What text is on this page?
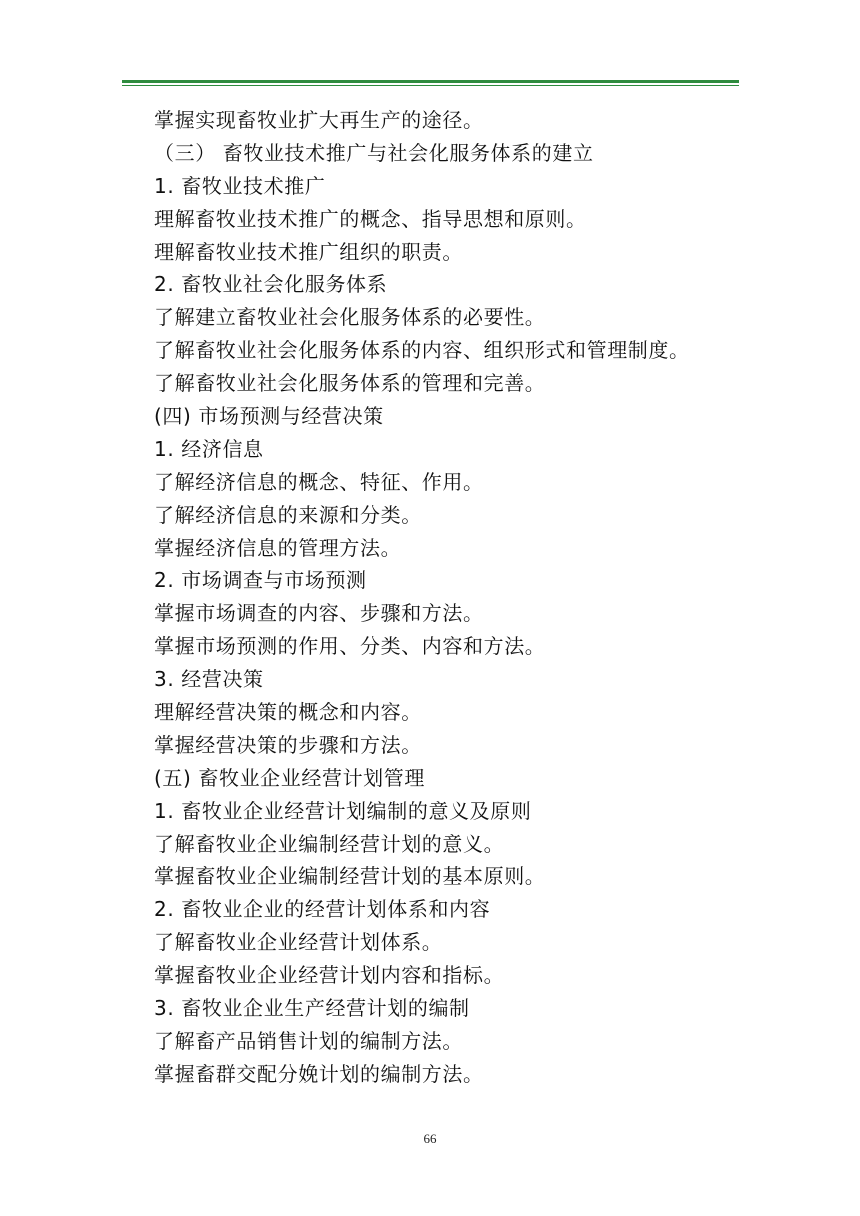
掌握实现畜牧业扩大再生产的途径。
（三） 畜牧业技术推广与社会化服务体系的建立
1. 畜牧业技术推广
理解畜牧业技术推广的概念、指导思想和原则。
理解畜牧业技术推广组织的职责。
2. 畜牧业社会化服务体系
了解建立畜牧业社会化服务体系的必要性。
了解畜牧业社会化服务体系的内容、组织形式和管理制度。
了解畜牧业社会化服务体系的管理和完善。
(四) 市场预测与经营决策
1. 经济信息
了解经济信息的概念、特征、作用。
了解经济信息的来源和分类。
掌握经济信息的管理方法。
2. 市场调查与市场预测
掌握市场调查的内容、步骤和方法。
掌握市场预测的作用、分类、内容和方法。
3. 经营决策
理解经营决策的概念和内容。
掌握经营决策的步骤和方法。
(五) 畜牧业企业经营计划管理
1. 畜牧业企业经营计划编制的意义及原则
了解畜牧业企业编制经营计划的意义。
掌握畜牧业企业编制经营计划的基本原则。
2. 畜牧业企业的经营计划体系和内容
了解畜牧业企业经营计划体系。
掌握畜牧业企业经营计划内容和指标。
3. 畜牧业企业生产经营计划的编制
了解畜产品销售计划的编制方法。
掌握畜群交配分娩计划的编制方法。
66
